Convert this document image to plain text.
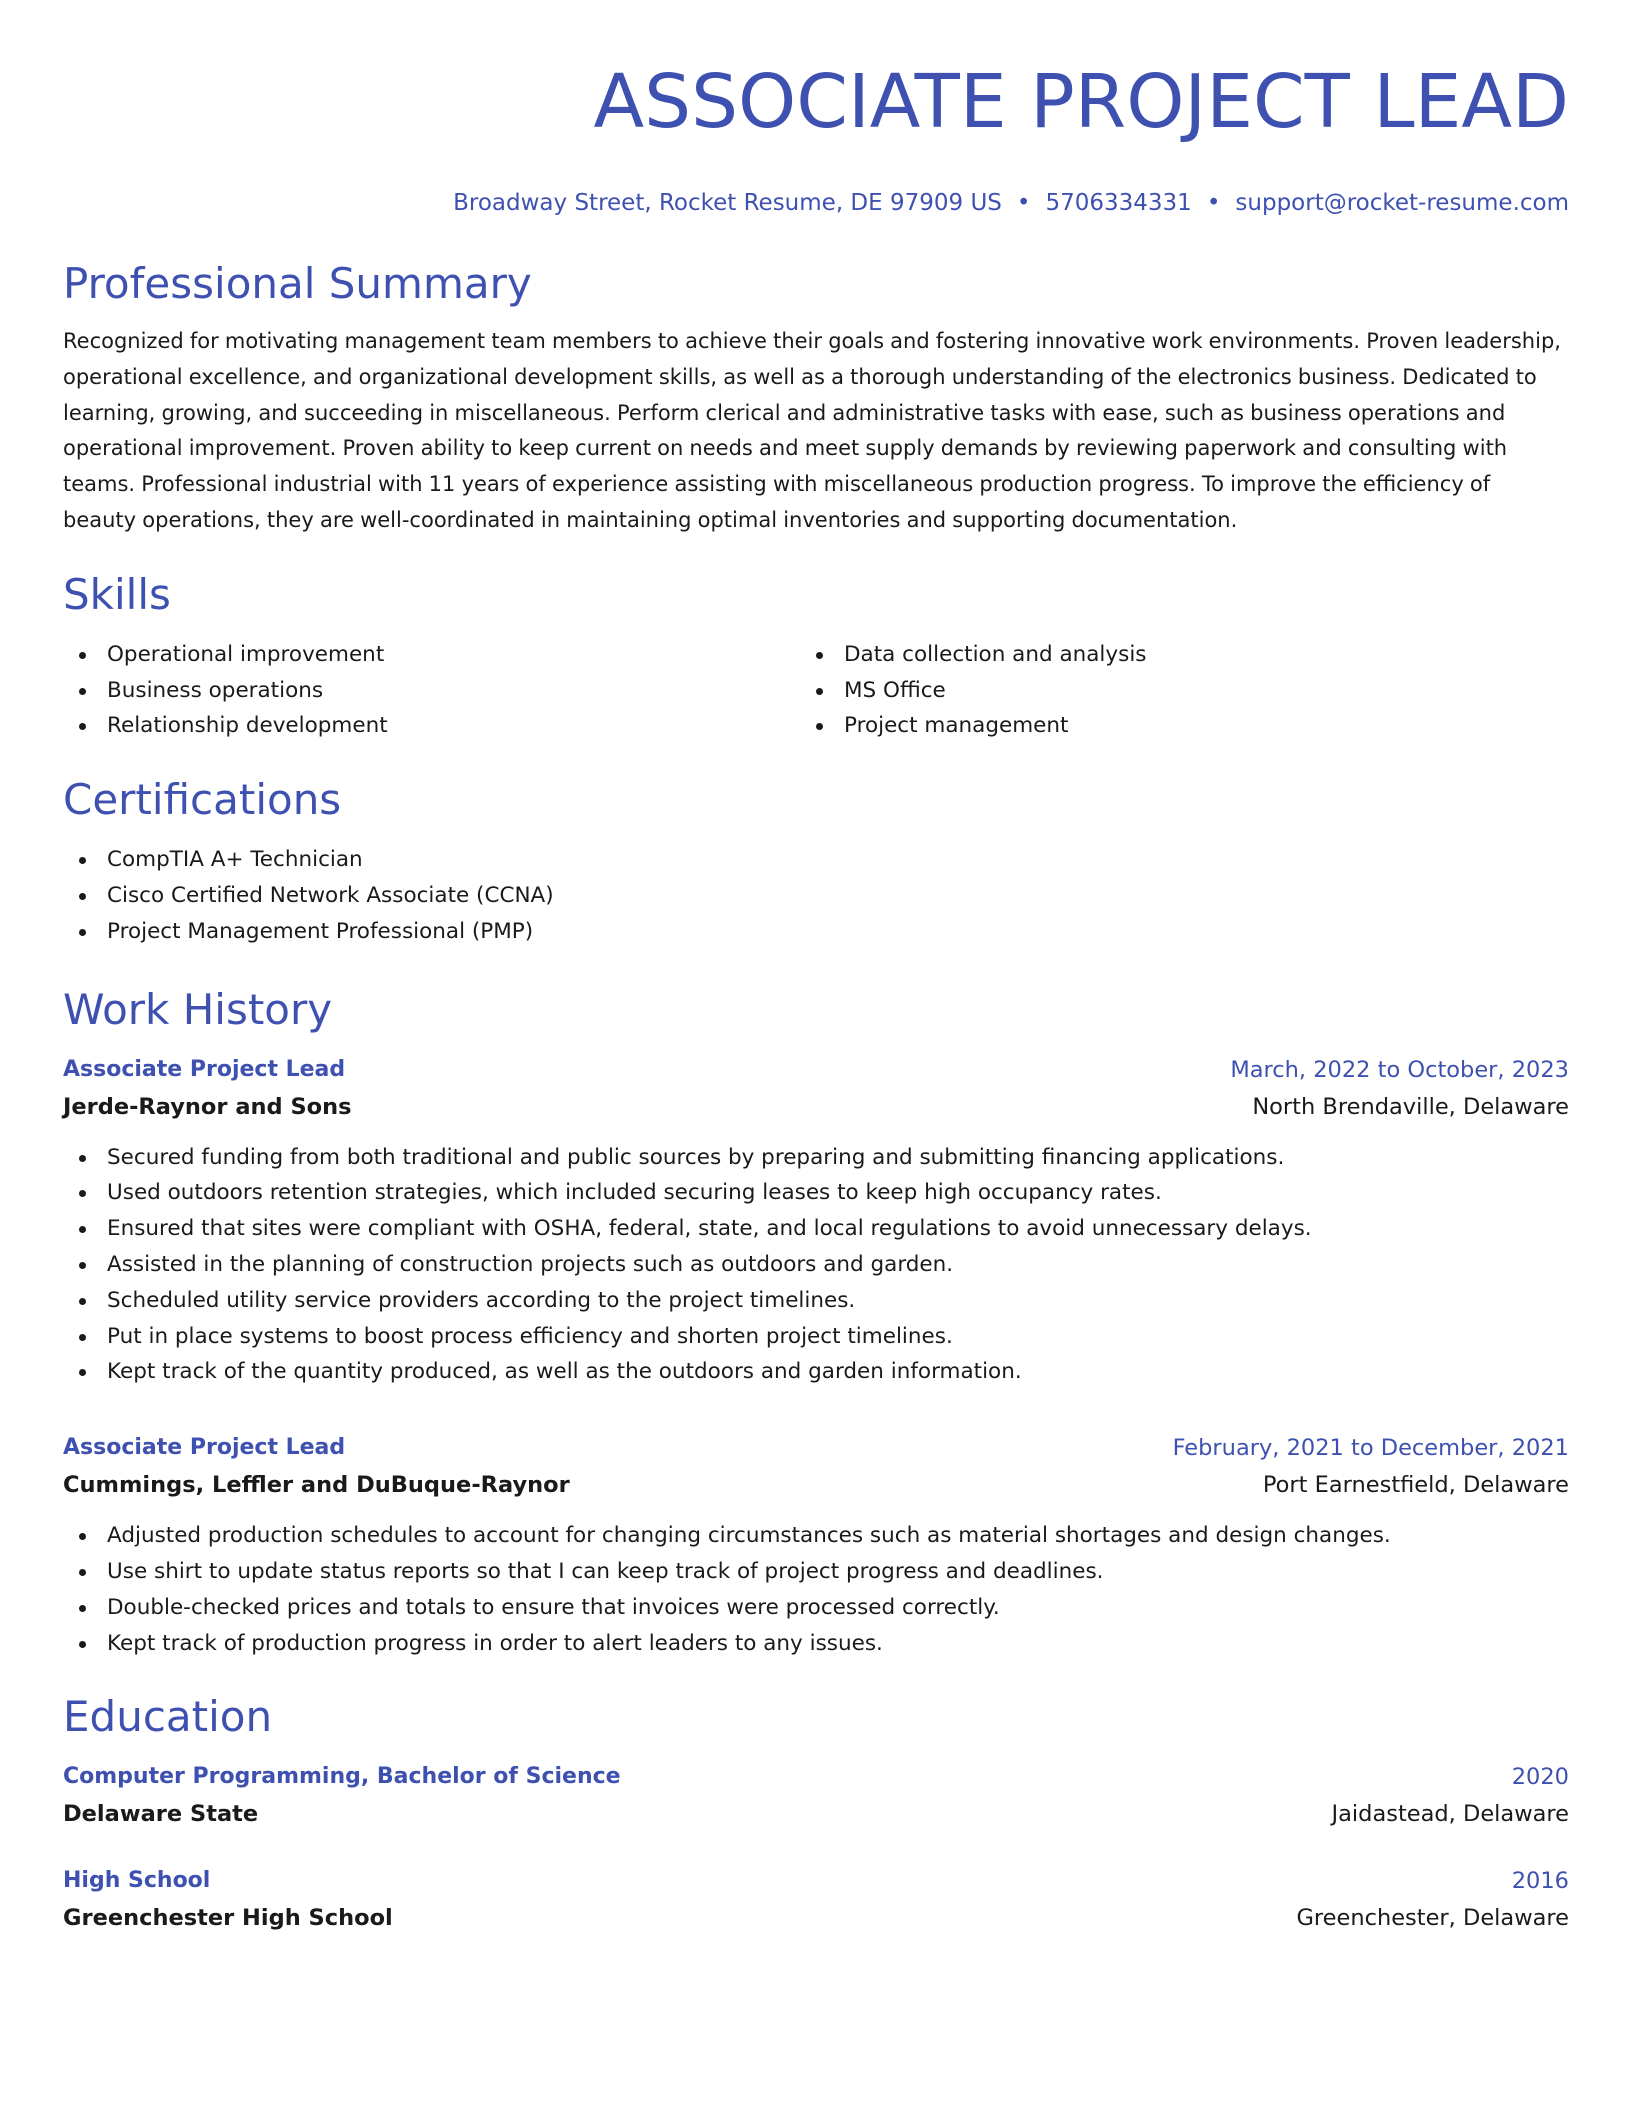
ASSOCIATE PROJECT LEAD
Broadway Street, Rocket Resume, DE 97909 US • 5706334331 • support@rocket-resume.com
Professional Summary

Recognized for motivating management team members to achieve their goals and fostering innovative work environments. Proven leadership, operational excellence, and organizational development skills, as well as a thorough understanding of the electronics business. Dedicated to learning, growing, and succeeding in miscellaneous. Perform clerical and administrative tasks with ease, such as business operations and operational improvement. Proven ability to keep current on needs and meet supply demands by reviewing paperwork and consulting with teams. Professional industrial with 11 years of experience assisting with miscellaneous production progress. To improve the efficiency of beauty operations, they are well-coordinated in maintaining optimal inventories and supporting documentation.

Skills
Operational improvement
Business operations
Relationship development
Data collection and analysis
MS Office
Project management
Certifications
CompTIA A+ Technician
Cisco Certified Network Associate (CCNA)
Project Management Professional (PMP)
Work History
Associate Project Lead	March, 2022 to October, 2023
Jerde-Raynor and Sons	North Brendaville, Delaware
Secured funding from both traditional and public sources by preparing and submitting financing applications.
Used outdoors retention strategies, which included securing leases to keep high occupancy rates.
Ensured that sites were compliant with OSHA, federal, state, and local regulations to avoid unnecessary delays.
Assisted in the planning of construction projects such as outdoors and garden.
Scheduled utility service providers according to the project timelines.
Put in place systems to boost process efficiency and shorten project timelines.
Kept track of the quantity produced, as well as the outdoors and garden information.
Associate Project Lead	February, 2021 to December, 2021
Cummings, Leffler and DuBuque-Raynor	Port Earnestfield, Delaware
Adjusted production schedules to account for changing circumstances such as material shortages and design changes.
Use shirt to update status reports so that I can keep track of project progress and deadlines.
Double-checked prices and totals to ensure that invoices were processed correctly.
Kept track of production progress in order to alert leaders to any issues.
Education
Computer Programming, Bachelor of Science	2020
Delaware State	Jaidastead, Delaware
High School	2016
Greenchester High School	Greenchester, Delaware
